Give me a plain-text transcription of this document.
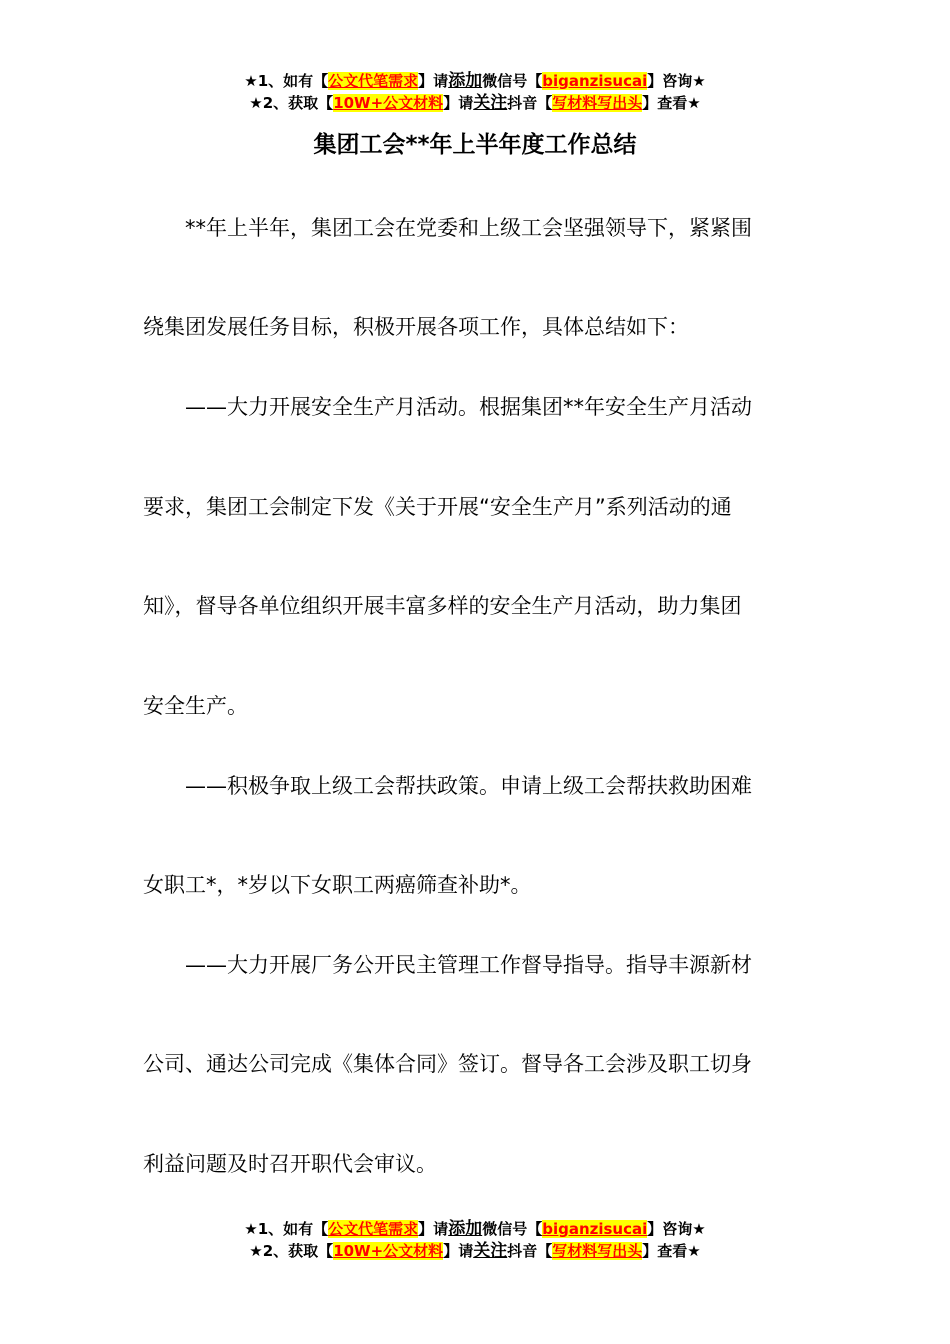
★1、如有【公文代笔需求】请添加微信号【biganzisucai】咨询★
★2、获取【10W+公文材料】请关注抖音【写材料写出头】查看★
集团工会**年上半年度工作总结
　　**年上半年，集团工会在党委和上级工会坚强领导下，紧紧围
绕集团发展任务目标，积极开展各项工作，具体总结如下：
　　——大力开展安全生产月活动。根据集团**年安全生产月活动
要求，集团工会制定下发《关于开展“安全生产月”系列活动的通
知》，督导各单位组织开展丰富多样的安全生产月活动，助力集团
安全生产。
　　——积极争取上级工会帮扶政策。申请上级工会帮扶救助困难
女职工*，*岁以下女职工两癌筛查补助*。
　　——大力开展厂务公开民主管理工作督导指导。指导丰源新材
公司、通达公司完成《集体合同》签订。督导各工会涉及职工切身
利益问题及时召开职代会审议。
★1、如有【公文代笔需求】请添加微信号【biganzisucai】咨询★
★2、获取【10W+公文材料】请关注抖音【写材料写出头】查看★
